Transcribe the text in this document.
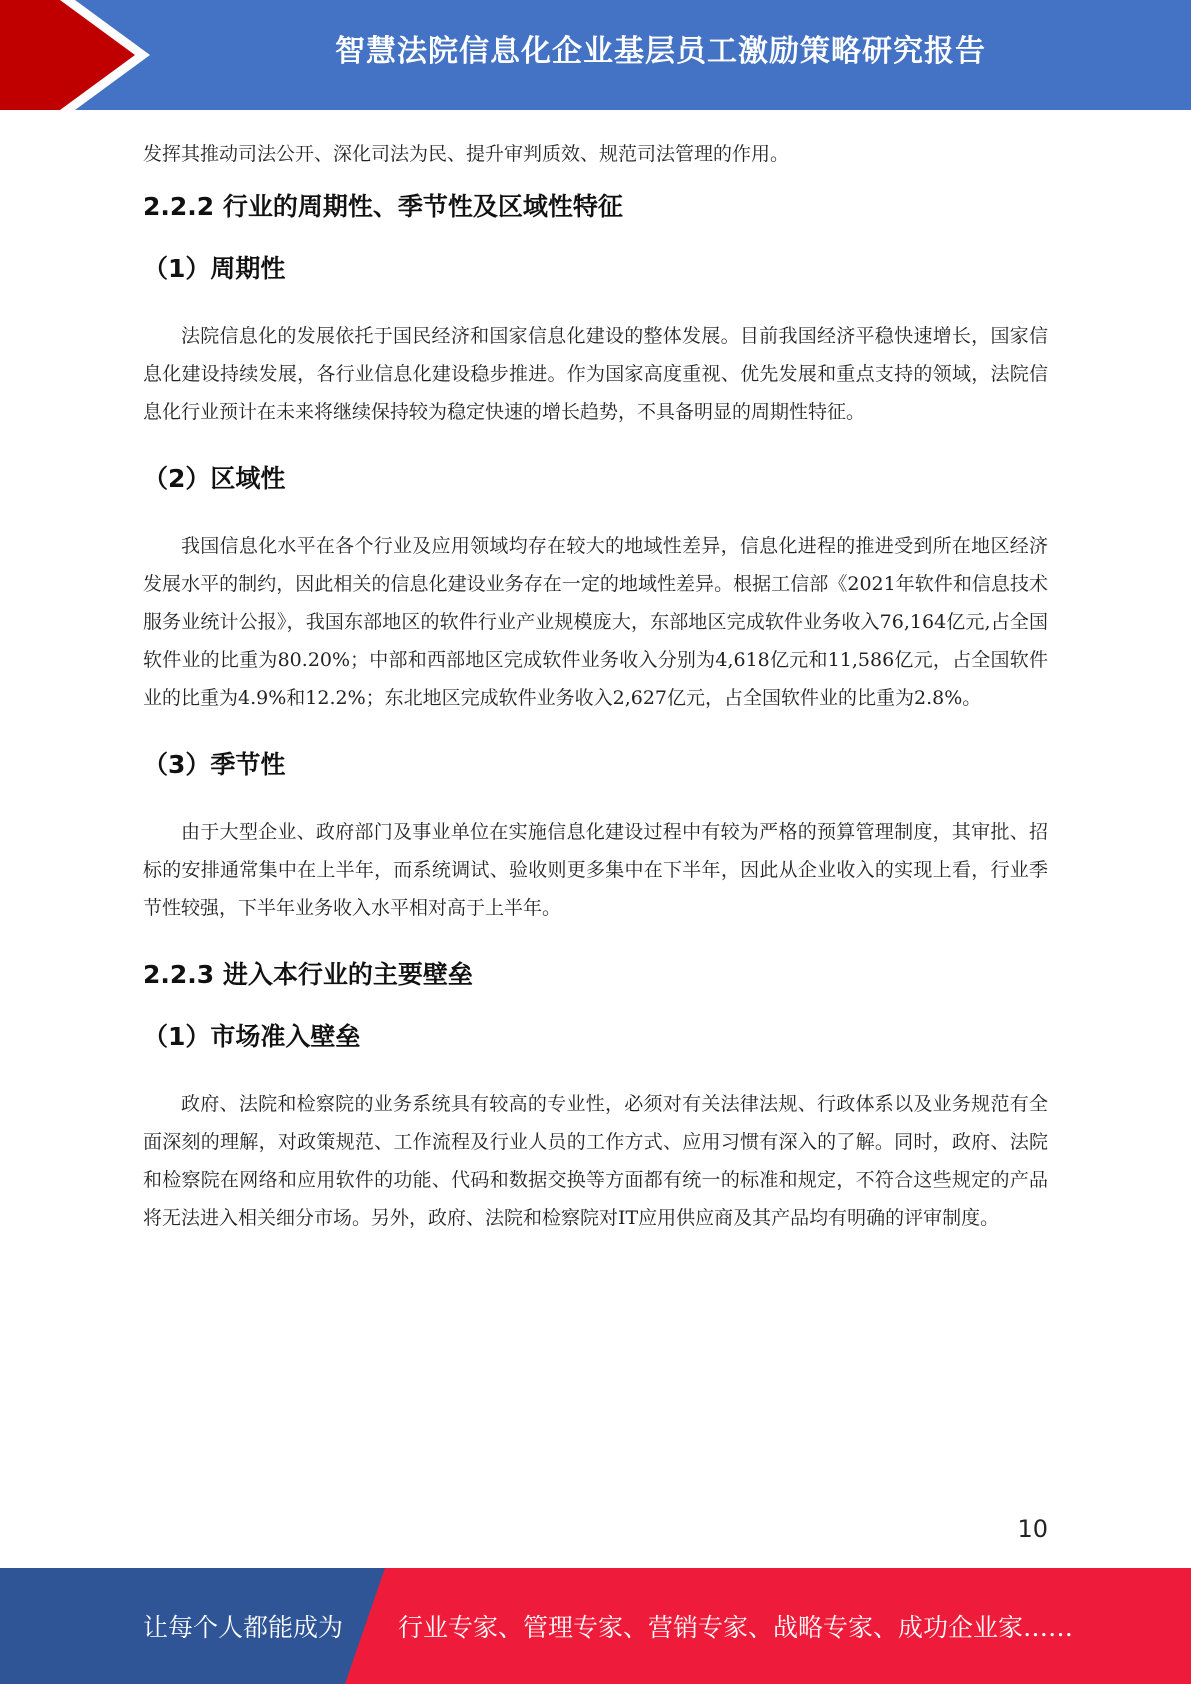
智慧法院信息化企业基层员工激励策略研究报告

发挥其推动司法公开、深化司法为民、提升审判质效、规范司法管理的作用。

2.2.2 行业的周期性、季节性及区域性特征
（1）周期性

法院信息化的发展依托于国民经济和国家信息化建设的整体发展。目前我国经济平稳快速增长，国家信息化建设持续发展，各行业信息化建设稳步推进。作为国家高度重视、优先发展和重点支持的领域，法院信息化行业预计在未来将继续保持较为稳定快速的增长趋势，不具备明显的周期性特征。

（2）区域性

我国信息化水平在各个行业及应用领域均存在较大的地域性差异，信息化进程的推进受到所在地区经济发展水平的制约，因此相关的信息化建设业务存在一定的地域性差异。根据工信部《2021年软件和信息技术服务业统计公报》，我国东部地区的软件行业产业规模庞大，东部地区完成软件业务收入76,164亿元,占全国软件业的比重为80.20%；中部和西部地区完成软件业务收入分别为4,618亿元和11,586亿元，占全国软件业的比重为4.9%和12.2%；东北地区完成软件业务收入2,627亿元，占全国软件业的比重为2.8%。

（3）季节性

由于大型企业、政府部门及事业单位在实施信息化建设过程中有较为严格的预算管理制度，其审批、招标的安排通常集中在上半年，而系统调试、验收则更多集中在下半年，因此从企业收入的实现上看，行业季节性较强，下半年业务收入水平相对高于上半年。

2.2.3 进入本行业的主要壁垒
（1）市场准入壁垒

政府、法院和检察院的业务系统具有较高的专业性，必须对有关法律法规、行政体系以及业务规范有全面深刻的理解，对政策规范、工作流程及行业人员的工作方式、应用习惯有深入的了解。同时，政府、法院和检察院在网络和应用软件的功能、代码和数据交换等方面都有统一的标准和规定，不符合这些规定的产品将无法进入相关细分市场。另外，政府、法院和检察院对IT应用供应商及其产品均有明确的评审制度。

10
让每个人都能成为 行业专家、管理专家、营销专家、战略专家、成功企业家……
